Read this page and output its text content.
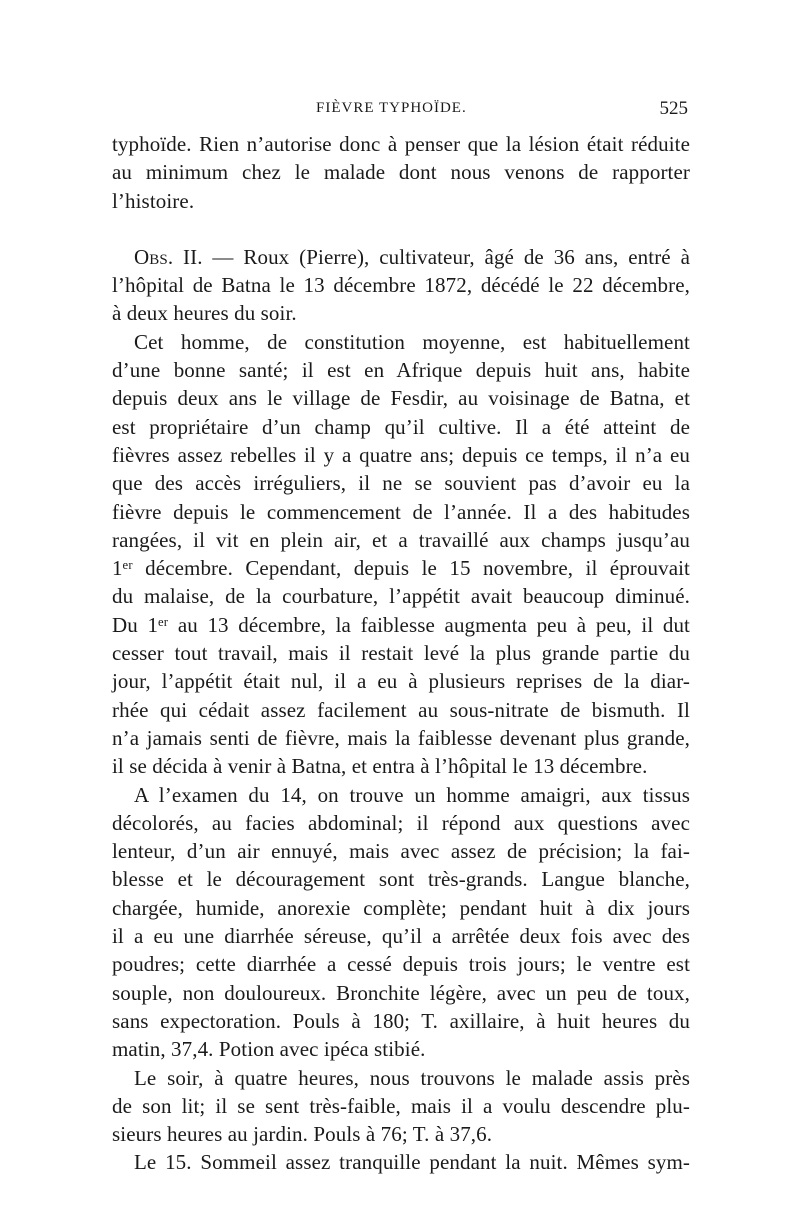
FIÈVRE TYPHOÏDE.	525
typhoïde. Rien n’autorise donc à penser que la lésion était réduite
au minimum chez le malade dont nous venons de rapporter
l’histoire.
Obs. II. — Roux (Pierre), cultivateur, âgé de 36 ans, entré à
l’hôpital de Batna le 13 décembre 1872, décédé le 22 décembre,
à deux heures du soir.
Cet homme, de constitution moyenne, est habituellement
d’une bonne santé; il est en Afrique depuis huit ans, habite
depuis deux ans le village de Fesdir, au voisinage de Batna, et
est propriétaire d’un champ qu’il cultive. Il a été atteint de
fièvres assez rebelles il y a quatre ans; depuis ce temps, il n’a eu
que des accès irréguliers, il ne se souvient pas d’avoir eu la
fièvre depuis le commencement de l’année. Il a des habitudes
rangées, il vit en plein air, et a travaillé aux champs jusqu’au
1ᵉʳ décembre. Cependant, depuis le 15 novembre, il éprouvait
du malaise, de la courbature, l’appétit avait beaucoup diminué.
Du 1ᵉʳ au 13 décembre, la faiblesse augmenta peu à peu, il dut
cesser tout travail, mais il restait levé la plus grande partie du
jour, l’appétit était nul, il a eu à plusieurs reprises de la diar-
rhée qui cédait assez facilement au sous-nitrate de bismuth. Il
n’a jamais senti de fièvre, mais la faiblesse devenant plus grande,
il se décida à venir à Batna, et entra à l’hôpital le 13 décembre.
A l’examen du 14, on trouve un homme amaigri, aux tissus
décolorés, au facies abdominal; il répond aux questions avec
lenteur, d’un air ennuyé, mais avec assez de précision; la fai-
blesse et le découragement sont très-grands. Langue blanche,
chargée, humide, anorexie complète; pendant huit à dix jours
il a eu une diarrhée séreuse, qu’il a arrêtée deux fois avec des
poudres; cette diarrhée a cessé depuis trois jours; le ventre est
souple, non douloureux. Bronchite légère, avec un peu de toux,
sans expectoration. Pouls à 180; T. axillaire, à huit heures du
matin, 37,4. Potion avec ipéca stibié.
Le soir, à quatre heures, nous trouvons le malade assis près
de son lit; il se sent très-faible, mais il a voulu descendre plu-
sieurs heures au jardin. Pouls à 76; T. à 37,6.
Le 15. Sommeil assez tranquille pendant la nuit. Mêmes sym-
